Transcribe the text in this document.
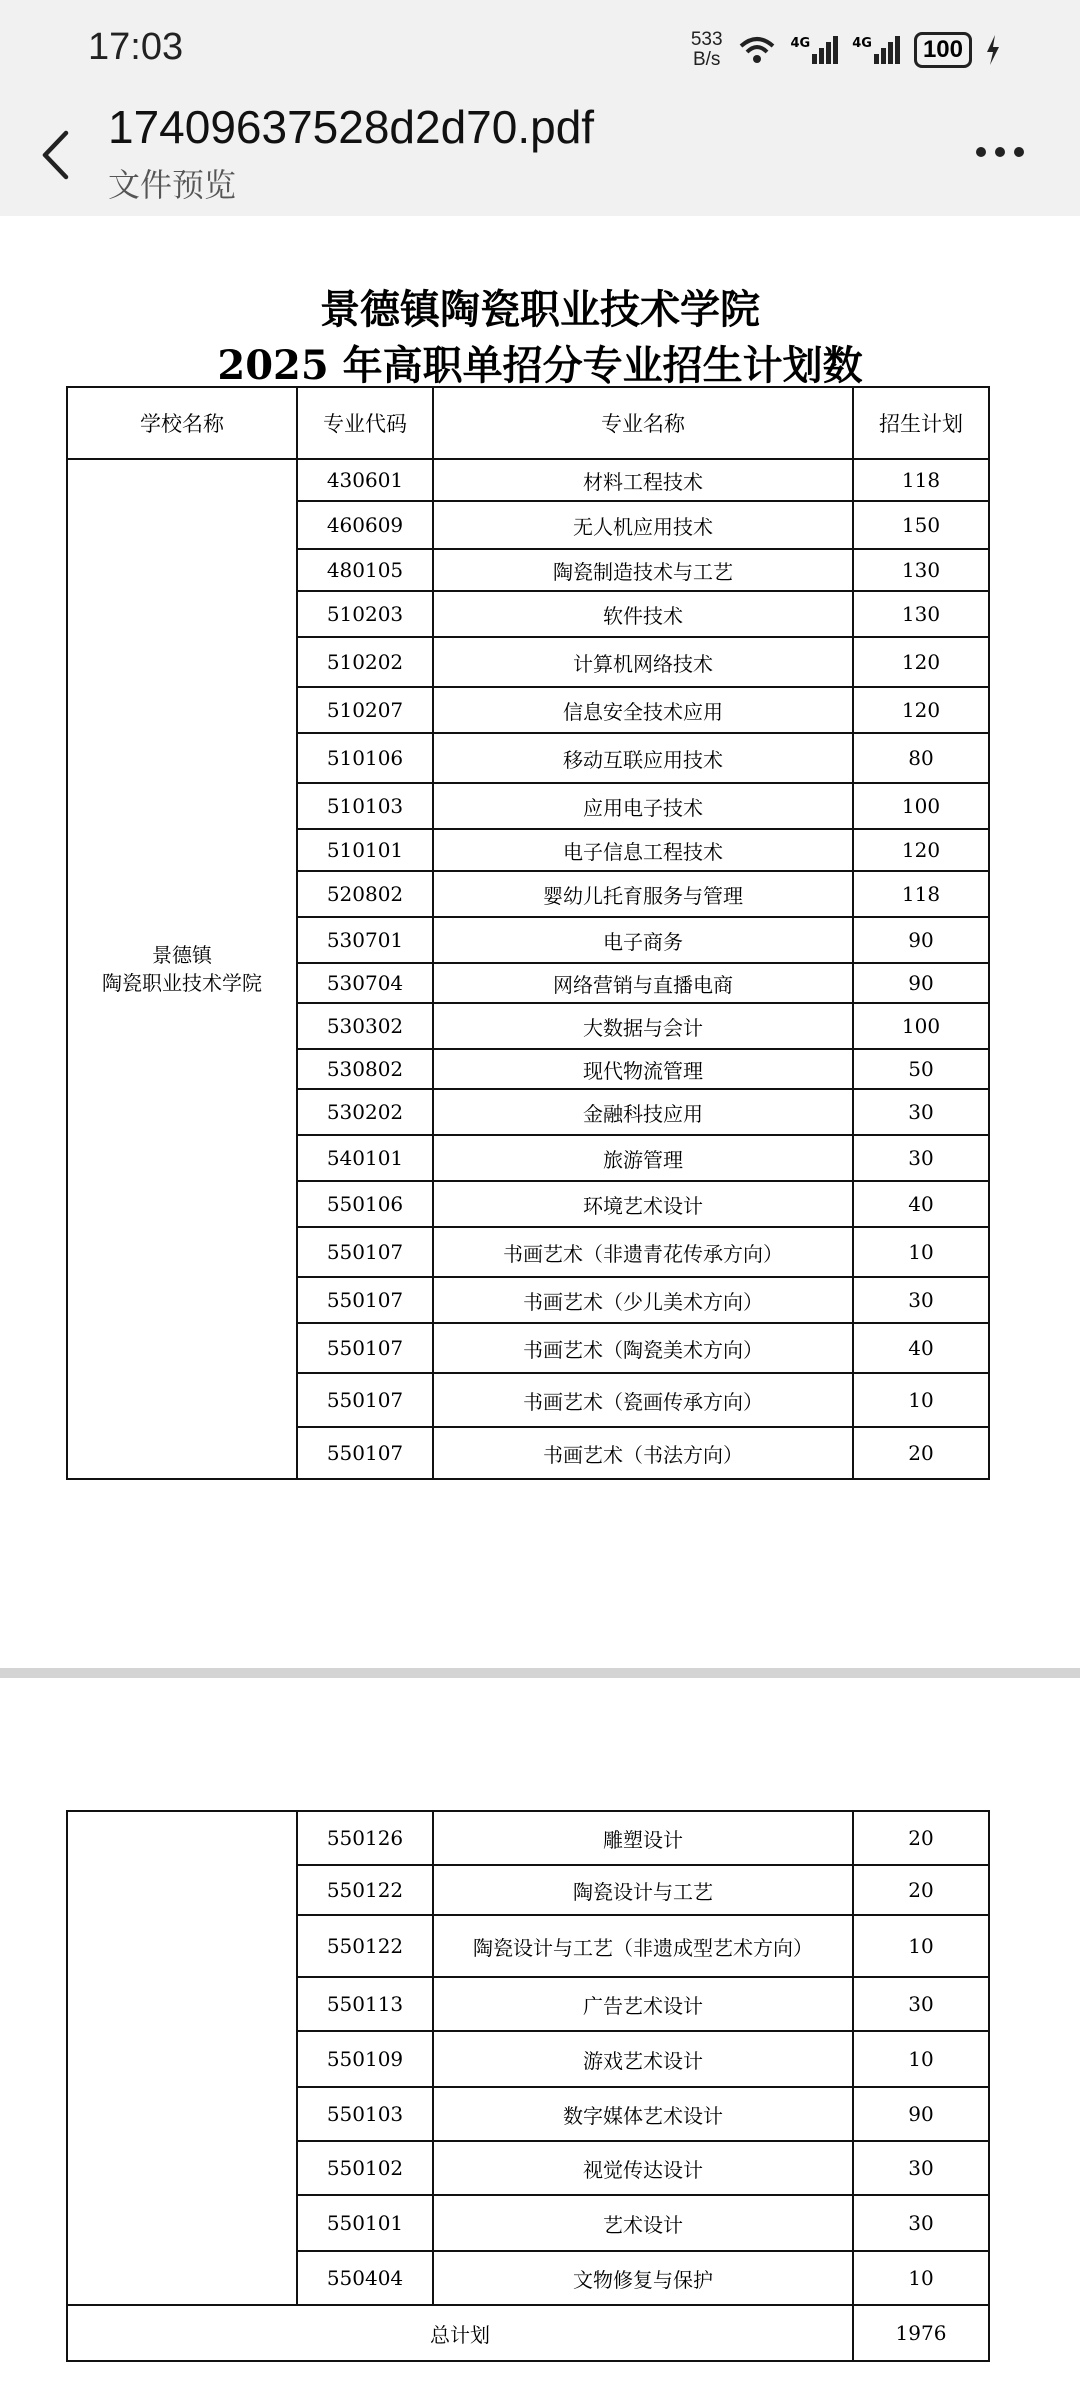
17:03	533
B/s
4G	4G	100
17409637528d2d70.pdf
文件预览
景德镇陶瓷职业技术学院
2025 年高职单招分专业招生计划数
学校名称	专业代码	专业名称	招生计划

景德镇
陶瓷职业技术学院	430601	材料工程技术	118
	460609	无人机应用技术	150
	480105	陶瓷制造技术与工艺	130
	510203	软件技术	130
	510202	计算机网络技术	120
	510207	信息安全技术应用	120
	510106	移动互联应用技术	80
	510103	应用电子技术	100
	510101	电子信息工程技术	120
	520802	婴幼儿托育服务与管理	118
	530701	电子商务	90
	530704	网络营销与直播电商	90
	530302	大数据与会计	100
	530802	现代物流管理	50
	530202	金融科技应用	30
	540101	旅游管理	30
	550106	环境艺术设计	40
	550107	书画艺术（非遗青花传承方向）	10
	550107	书画艺术（少儿美术方向）	30
	550107	书画艺术（陶瓷美术方向）	40
	550107	书画艺术（瓷画传承方向）	10
	550107	书画艺术（书法方向）	20
	550126	雕塑设计	20
	550122	陶瓷设计与工艺	20
	550122	陶瓷设计与工艺（非遗成型艺术方向）	10
	550113	广告艺术设计	30
	550109	游戏艺术设计	10
	550103	数字媒体艺术设计	90
	550102	视觉传达设计	30
	550101	艺术设计	30
	550404	文物修复与保护	10
总计划			1976
